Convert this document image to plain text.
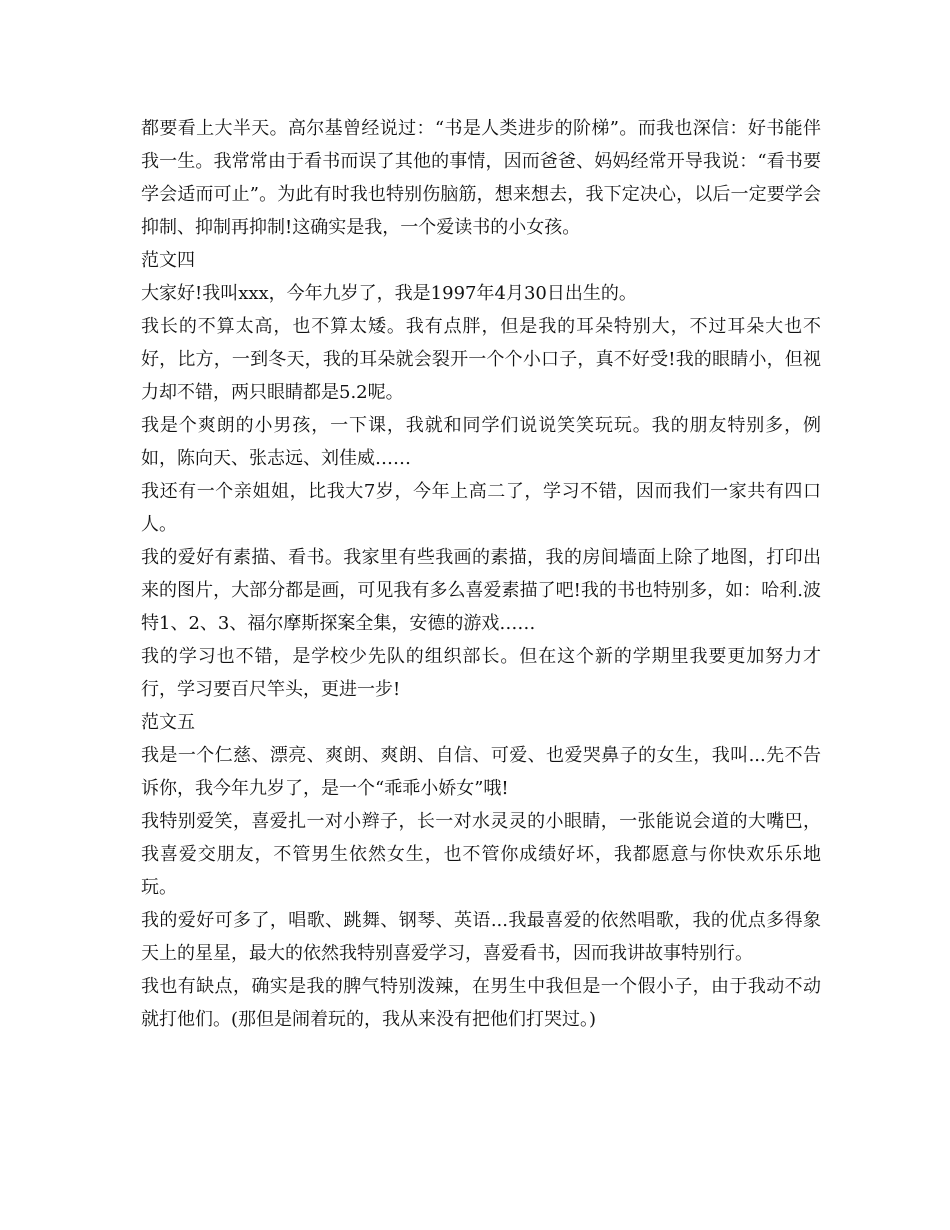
都要看上大半天。高尔基曾经说过：“书是人类进步的阶梯”。而我也深信：好书能伴我一生。我常常由于看书而误了其他的事情，因而爸爸、妈妈经常开导我说：“看书要学会适而可止”。为此有时我也特别伤脑筋，想来想去，我下定决心，以后一定要学会抑制、抑制再抑制!这确实是我，一个爱读书的小女孩。

范文四

大家好!我叫xxx，今年九岁了，我是1997年4月30日出生的。

我长的不算太高，也不算太矮。我有点胖，但是我的耳朵特别大，不过耳朵大也不好，比方，一到冬天，我的耳朵就会裂开一个个小口子，真不好受!我的眼睛小，但视力却不错，两只眼睛都是5.2呢。

我是个爽朗的小男孩，一下课，我就和同学们说说笑笑玩玩。我的朋友特别多，例如，陈向天、张志远、刘佳威……

我还有一个亲姐姐，比我大7岁，今年上高二了，学习不错，因而我们一家共有四口人。

我的爱好有素描、看书。我家里有些我画的素描，我的房间墙面上除了地图，打印出来的图片，大部分都是画，可见我有多么喜爱素描了吧!我的书也特别多，如：哈利.波特1、2、3、福尔摩斯探案全集，安德的游戏……

我的学习也不错，是学校少先队的组织部长。但在这个新的学期里我要更加努力才行，学习要百尺竿头，更进一步!

范文五

我是一个仁慈、漂亮、爽朗、爽朗、自信、可爱、也爱哭鼻子的女生，我叫...先不告诉你，我今年九岁了，是一个“乖乖小娇女”哦!

我特别爱笑，喜爱扎一对小辫子，长一对水灵灵的小眼睛，一张能说会道的大嘴巴，我喜爱交朋友，不管男生依然女生，也不管你成绩好坏，我都愿意与你快欢乐乐地玩。

我的爱好可多了，唱歌、跳舞、钢琴、英语...我最喜爱的依然唱歌，我的优点多得象天上的星星，最大的依然我特别喜爱学习，喜爱看书，因而我讲故事特别行。

我也有缺点，确实是我的脾气特别泼辣，在男生中我但是一个假小子，由于我动不动就打他们。(那但是闹着玩的，我从来没有把他们打哭过。)
